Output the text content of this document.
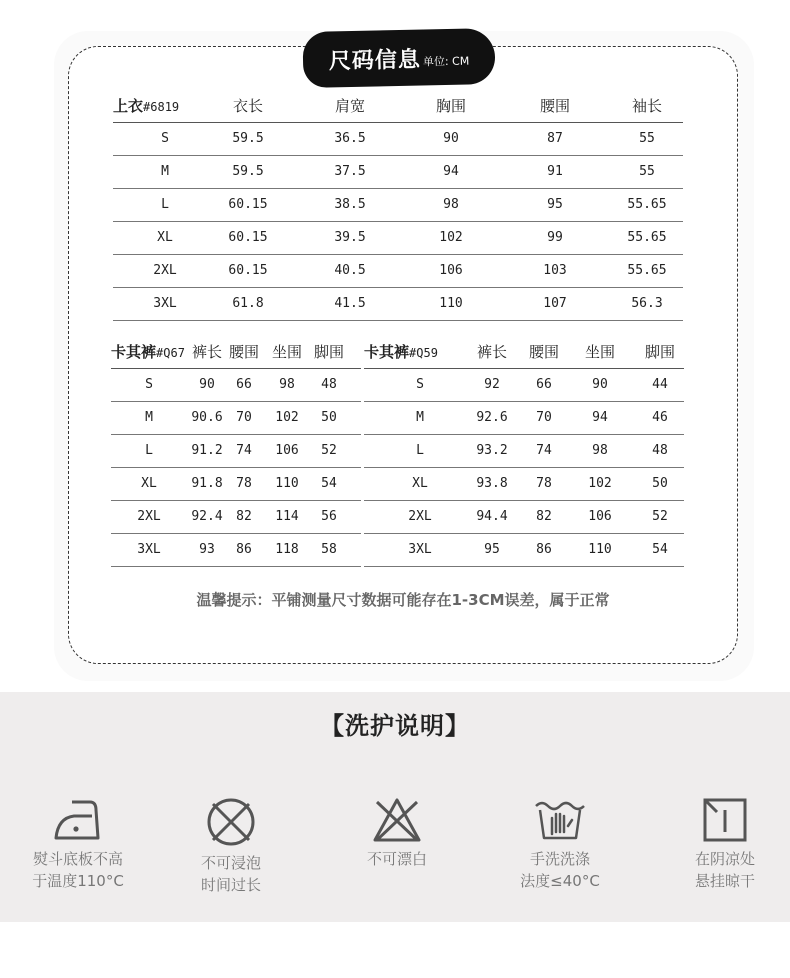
尺码信息 单位: CM
上衣#6819	衣长	肩宽	胸围	腰围	袖长
S	59.5	36.5	90	87	55
M	59.5	37.5	94	91	55
L	60.15	38.5	98	95	55.65
XL	60.15	39.5	102	99	55.65
2XL	60.15	40.5	106	103	55.65
3XL	61.8	41.5	110	107	56.3
卡其裤#Q67 裤长 腰围 坐围 脚围
S	90	66	98	48
M	90.6	70	102	50
L	91.2	74	106	52
XL	91.8	78	110	54
2XL	92.4	82	114	56
3XL	93	86	118	58
卡其裤#Q59	裤长	腰围	坐围	脚围
S	92	66	90	44
M	92.6	70	94	46
L	93.2	74	98	48
XL	93.8	78	102	50
2XL	94.4	82	106	52
3XL	95	86	110	54
温馨提示：平铺测量尺寸数据可能存在1-3CM误差，属于正常
【洗护说明】
熨斗底板不高
于温度110°C
不可浸泡
时间过长
不可漂白	手洗洗涤
法度≤40°C
在阴凉处
悬挂晾干
